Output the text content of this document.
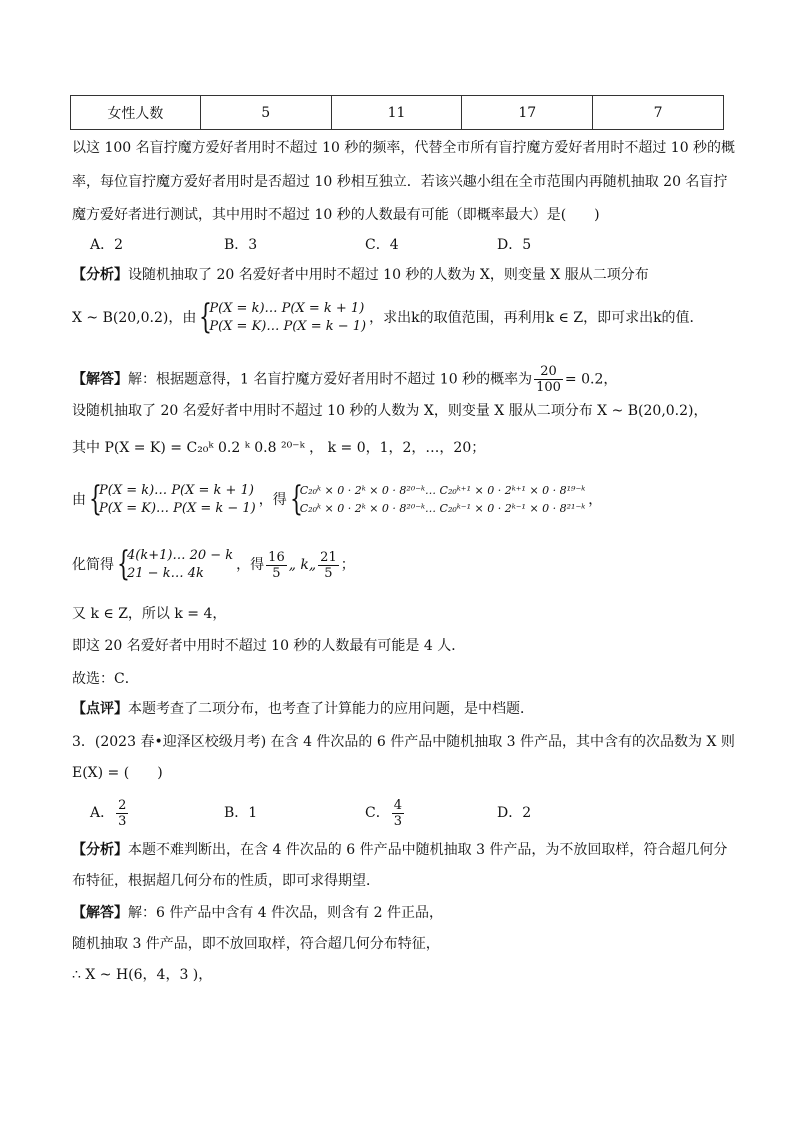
女性人数	5	11	17	7
以这 100 名盲拧魔方爱好者用时不超过 10 秒的频率，代替全市所有盲拧魔方爱好者用时不超过 10 秒的概
率，每位盲拧魔方爱好者用时是否超过 10 秒相互独立．若该兴趣小组在全市范围内再随机抽取 20 名盲拧
魔方爱好者进行测试，其中用时不超过 10 秒的人数最有可能（即概率最大）是(　　)
A．2	B．3	C．4	D．5
【分析】设随机抽取了 20 名爱好者中用时不超过 10 秒的人数为 X，则变量 X 服从二项分布
X ~ B(20,0.2)，由 {
P(X = k)… P(X = k + 1)
P(X = K)… P(X = k − 1)
，求出k的取值范围，再利用k ∈ Z，即可求出k的值．
【解答】解：根据题意得，1 名盲拧魔方爱好者用时不超过 10 秒的概率为 $\frac{20}{100} = 0.2$，
设随机抽取了 20 名爱好者中用时不超过 10 秒的人数为 X，则变量 X 服从二项分布 X ~ B(20,0.2)，
其中 P(X = K) = C₂₀ᵏ 0.2 ᵏ 0.8 ²⁰⁻ᵏ ， k = 0，1，2，…，20；
由 {
P(X = k)… P(X = k + 1)
P(X = K)… P(X = k − 1)
，得 {
C₂₀ᵏ × 0 · 2ᵏ × 0 · 8²⁰⁻ᵏ… C₂₀ᵏ⁺¹ × 0 · 2ᵏ⁺¹ × 0 · 8¹⁹⁻ᵏ
C₂₀ᵏ × 0 · 2ᵏ × 0 · 8²⁰⁻ᵏ… C₂₀ᵏ⁻¹ × 0 · 2ᵏ⁻¹ × 0 · 8²¹⁻ᵏ
，
化简得 {
4(k+1)… 20 − k
21 − k… 4k
，得 $\frac{16}{5}$ „ k„ $\frac{21}{5}$ ；
又 k ∈ Z，所以 k = 4，
即这 20 名爱好者中用时不超过 10 秒的人数最有可能是 4 人．
故选：C．
【点评】本题考查了二项分布，也考查了计算能力的应用问题，是中档题．
3．(2023 春•迎泽区校级月考) 在含 4 件次品的 6 件产品中随机抽取 3 件产品，其中含有的次品数为 X 则
E(X) = (　　)
A． $\frac{2}{3}$	B．1	C． $\frac{4}{3}$	D．2
【分析】本题不难判断出，在含 4 件次品的 6 件产品中随机抽取 3 件产品，为不放回取样，符合超几何分
布特征，根据超几何分布的性质，即可求得期望．
【解答】解：6 件产品中含有 4 件次品，则含有 2 件正品，
随机抽取 3 件产品，即不放回取样，符合超几何分布特征，
∴ X ~ H(6，4，3 )，
